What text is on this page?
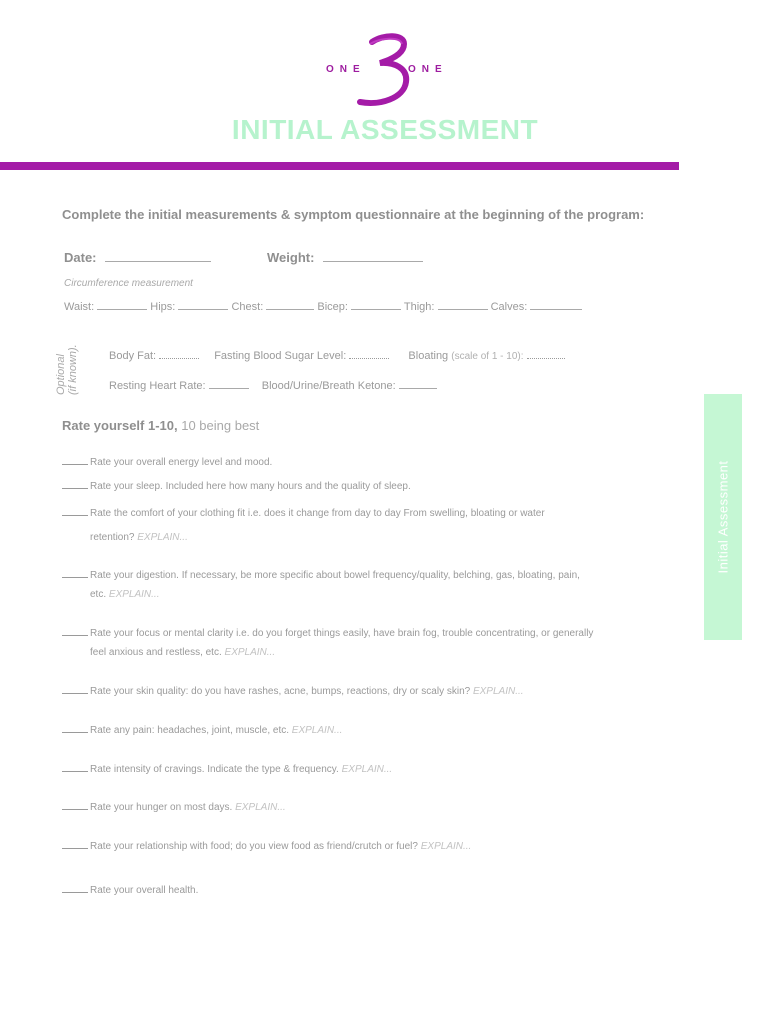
ONE	ONE
INITIAL ASSESSMENT
Complete the initial measurements & symptom questionnaire at the beginning of the program:
Date:	Weight:
Circumference measurement
Waist:	Hips:	Chest:	Bicep:	Thigh:	Calves:
Optional (if known).	Body Fat:	Fasting Blood Sugar Level:	Bloating (scale of 1 - 10):
Resting Heart Rate:	Blood/Urine/Breath Ketone:
Rate yourself 1-10, 10 being best
Rate your overall energy level and mood.
Rate your sleep. Included here how many hours and the quality of sleep.
Rate the comfort of your clothing fit i.e. does it change from day to day From swelling, bloating or water
retention? EXPLAIN...
Rate your digestion. If necessary, be more specific about bowel frequency/quality, belching, gas, bloating, pain,
etc. EXPLAIN...
Rate your focus or mental clarity i.e. do you forget things easily, have brain fog, trouble concentrating, or generally
feel anxious and restless, etc. EXPLAIN...
Rate your skin quality: do you have rashes, acne, bumps, reactions, dry or scaly skin? EXPLAIN...
Rate any pain: headaches, joint, muscle, etc. EXPLAIN...
Rate intensity of cravings. Indicate the type & frequency. EXPLAIN...
Rate your hunger on most days. EXPLAIN...
Rate your relationship with food; do you view food as friend/crutch or fuel? EXPLAIN...
Rate your overall health.
Initial Assessment
